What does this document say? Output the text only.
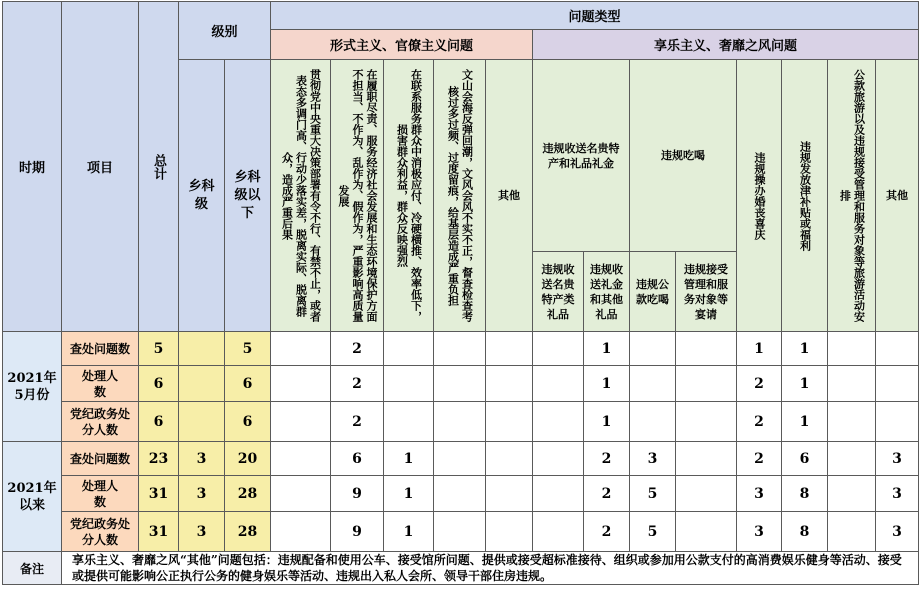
时期	项目	总计	级别		问题类型												
					形式主义、官僚主义问题					享乐主义、奢靡之风问题							

			乡科级	乡科级以下	贯彻党中央重大决策部署有令不行、有禁不止，或者表态多调门高、行动少落实差，脱离实际、脱离群众，造成严重后果	在履职尽责、服务经济社会发展和生态环境保护方面不担当、不作为、乱作为、假作为，严重影响高质量发展	在联系服务群众中消极应付、冷硬横推、效率低下，损害群众利益，群众反映强烈	文山会海反弹回潮，文风会风不实不正，督查检查考核过多过频、过度留痕，给基层造成严重负担	其他	违规收送名贵特产和礼品礼金		违规吃喝		违规操办婚丧喜庆	违规发放津补贴或福利	公款旅游以及违规接受管理和服务对象等旅游活动安排	其他

										违规收送名贵特产类礼品	违规收送礼金和其他礼品	违规公款吃喝	违规接受管理和服务对象等宴请				

2021年5月份	查处问题数	5		5		2					1			1	1		

	处理人数	6		6		2					1			2	1		

	党纪政务处分人数	6		6		2					1			2	1		
2021年以来	查处问题数	23	3	20		6	1				2	3		2	6		3

	处理人数	31	3	28		9	1				2	5		3	8		3

	党纪政务处分人数	31	3	28		9	1				2	5		3	8		3
备注	享乐主义、奢靡之风“其他”问题包括：违规配备和使用公车、接受馆所问题、提供或接受超标准接待、组织或参加用公款支付的高消费娱乐健身等活动、接受或提供可能影响公正执行公务的健身娱乐等活动、违规出入私人会所、领导干部住房违规。																
